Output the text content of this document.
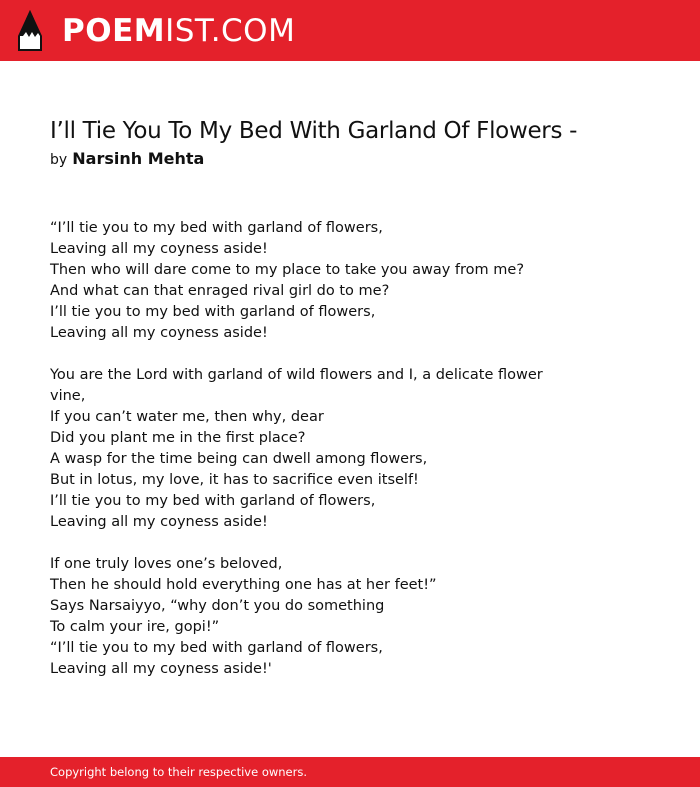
POEMIST.COM
I’ll Tie You To My Bed With Garland Of Flowers -
by Narsinh Mehta
“I’ll tie you to my bed with garland of flowers,
Leaving all my coyness aside!
Then who will dare come to my place to take you away from me?
And what can that enraged rival girl do to me?
I’ll tie you to my bed with garland of flowers,
Leaving all my coyness aside!
You are the Lord with garland of wild flowers and I, a delicate flower
vine,
If you can’t water me, then why, dear
Did you plant me in the first place?
A wasp for the time being can dwell among flowers,
But in lotus, my love, it has to sacrifice even itself!
I’ll tie you to my bed with garland of flowers,
Leaving all my coyness aside!
If one truly loves one’s beloved,
Then he should hold everything one has at her feet!”
Says Narsaiyyo, “why don’t you do something
To calm your ire, gopi!”
“I’ll tie you to my bed with garland of flowers,
Leaving all my coyness aside!'
Copyright belong to their respective owners.
